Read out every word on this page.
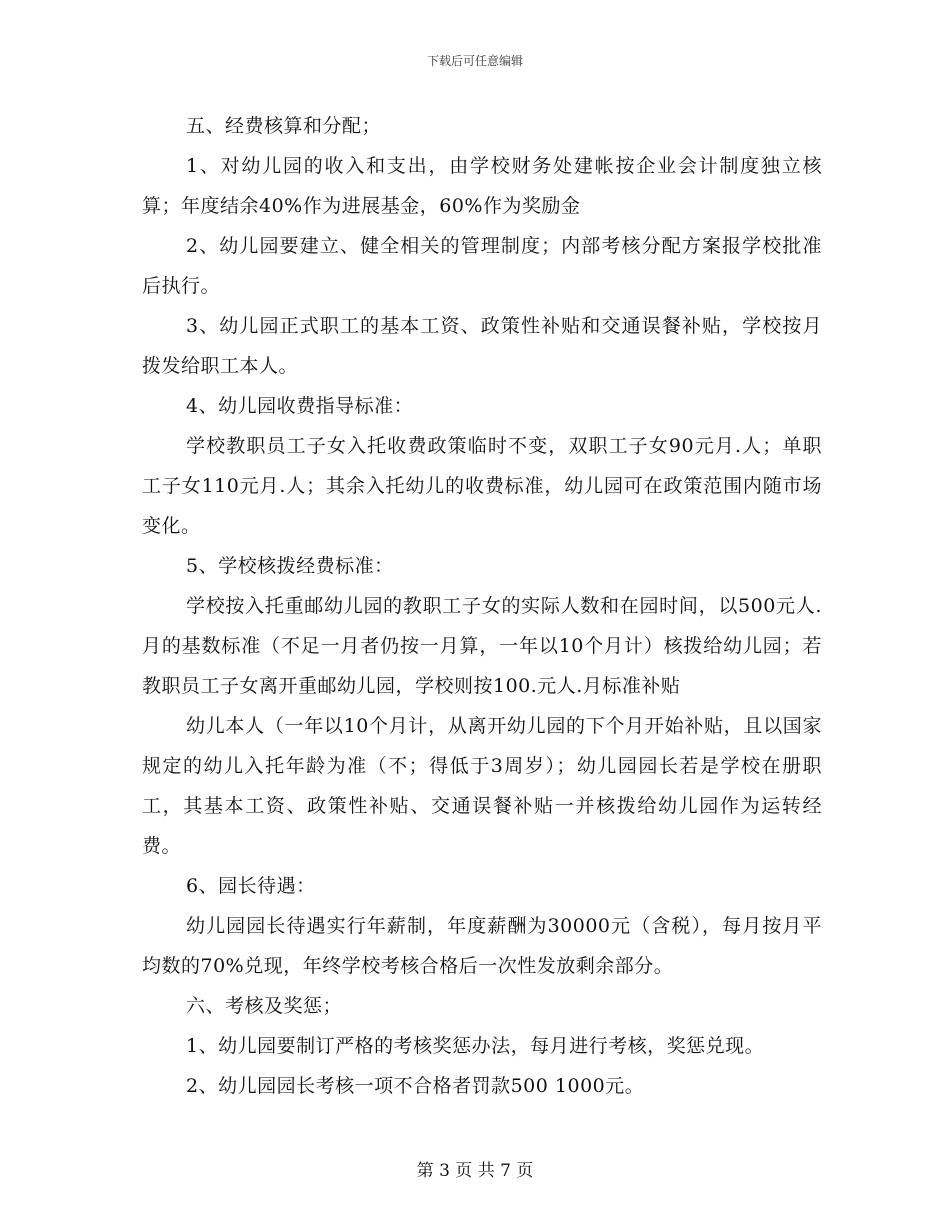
下载后可任意编辑

五、经费核算和分配；

1、对幼儿园的收入和支出，由学校财务处建帐按企业会计制度独立核算；年度结余40%作为进展基金，60%作为奖励金

2、幼儿园要建立、健全相关的管理制度；内部考核分配方案报学校批准后执行。

3、幼儿园正式职工的基本工资、政策性补贴和交通误餐补贴，学校按月拨发给职工本人。

4、幼儿园收费指导标准：

学校教职员工子女入托收费政策临时不变，双职工子女90元月.人；单职工子女110元月.人；其余入托幼儿的收费标准，幼儿园可在政策范围内随市场变化。

5、学校核拨经费标准：

学校按入托重邮幼儿园的教职工子女的实际人数和在园时间，以500元人.月的基数标准（不足一月者仍按一月算，一年以10个月计）核拨给幼儿园；若教职员工子女离开重邮幼儿园，学校则按100.元人.月标准补贴

幼儿本人（一年以10个月计，从离开幼儿园的下个月开始补贴，且以国家规定的幼儿入托年龄为准（不；得低于3周岁）；幼儿园园长若是学校在册职工，其基本工资、政策性补贴、交通误餐补贴一并核拨给幼儿园作为运转经费。

6、园长待遇：

幼儿园园长待遇实行年薪制，年度薪酬为30000元（含税），每月按月平均数的70%兑现，年终学校考核合格后一次性发放剩余部分。

六、考核及奖惩；

1、幼儿园要制订严格的考核奖惩办法，每月进行考核，奖惩兑现。

2、幼儿园园长考核一项不合格者罚款500 1000元。

第 3 页 共 7 页
